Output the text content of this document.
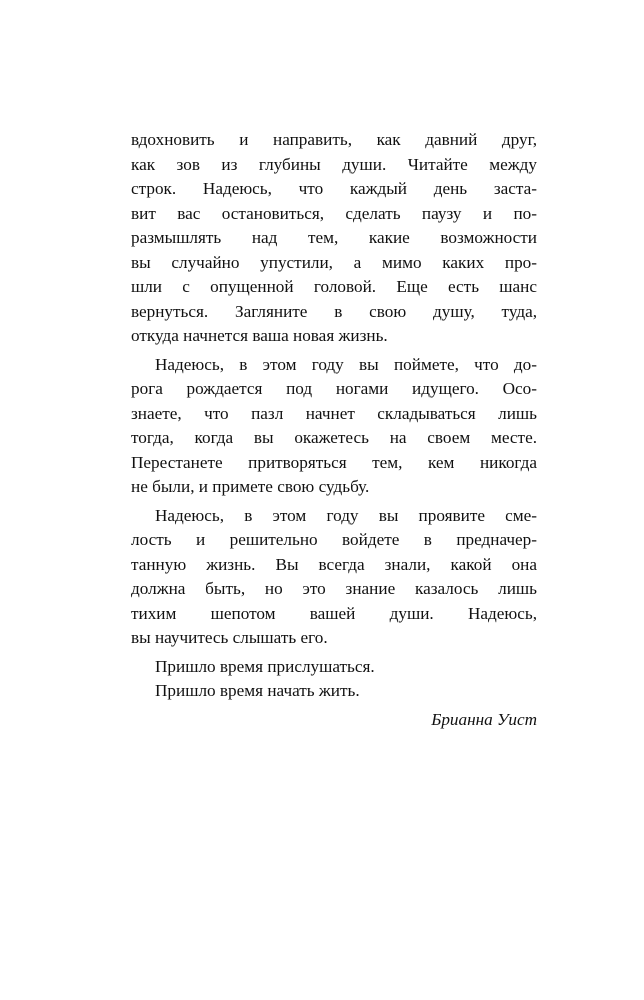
вдохновить и направить, как давний друг,
как зов из глубины души. Читайте между
строк. Надеюсь, что каждый день заста-
вит вас остановиться, сделать паузу и по-
размышлять над тем, какие возможности
вы случайно упустили, а мимо каких про-
шли с опущенной головой. Еще есть шанс
вернуться. Загляните в свою душу, туда,
откуда начнется ваша новая жизнь.
Надеюсь, в этом году вы поймете, что до-
рога рождается под ногами идущего. Осо-
знаете, что пазл начнет складываться лишь
тогда, когда вы окажетесь на своем месте.
Перестанете притворяться тем, кем никогда
не были, и примете свою судьбу.
Надеюсь, в этом году вы проявите сме-
лость и решительно войдете в предначер-
танную жизнь. Вы всегда знали, какой она
должна быть, но это знание казалось лишь
тихим шепотом вашей души. Надеюсь,
вы научитесь слышать его.
Пришло время прислушаться.
Пришло время начать жить.
Брианна Уист
